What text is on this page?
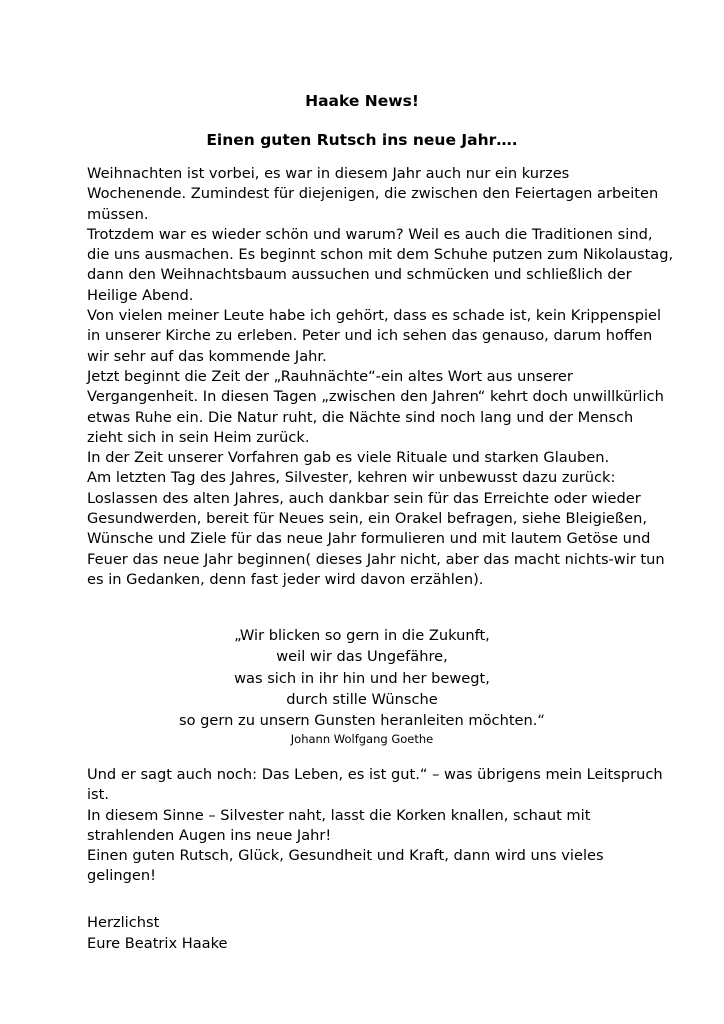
Haake News!
Einen guten Rutsch ins neue Jahr….
Weihnachten ist vorbei, es war in diesem Jahr auch nur ein kurzes
Wochenende. Zumindest für diejenigen, die zwischen den Feiertagen arbeiten
müssen.
Trotzdem war es wieder schön und warum? Weil es auch die Traditionen sind,
die uns ausmachen. Es beginnt schon mit dem Schuhe putzen zum Nikolaustag,
dann den Weihnachtsbaum aussuchen und schmücken und schließlich der
Heilige Abend.
Von vielen meiner Leute habe ich gehört, dass es schade ist, kein Krippenspiel
in unserer Kirche zu erleben. Peter und ich sehen das genauso, darum hoffen
wir sehr auf das kommende Jahr.
Jetzt beginnt die Zeit der „Rauhnächte“-ein altes Wort aus unserer
Vergangenheit. In diesen Tagen „zwischen den Jahren“ kehrt doch unwillkürlich
etwas Ruhe ein. Die Natur ruht, die Nächte sind noch lang und der Mensch
zieht sich in sein Heim zurück.
In der Zeit unserer Vorfahren gab es viele Rituale und starken Glauben.
Am letzten Tag des Jahres, Silvester, kehren wir unbewusst dazu zurück:
Loslassen des alten Jahres, auch dankbar sein für das Erreichte oder wieder
Gesundwerden, bereit für Neues sein, ein Orakel befragen, siehe Bleigießen,
Wünsche und Ziele für das neue Jahr formulieren und mit lautem Getöse und
Feuer das neue Jahr beginnen( dieses Jahr nicht, aber das macht nichts-wir tun
es in Gedanken, denn fast jeder wird davon erzählen).
„Wir blicken so gern in die Zukunft,
weil wir das Ungefähre,
was sich in ihr hin und her bewegt,
durch stille Wünsche
so gern zu unsern Gunsten heranleiten möchten.“
Johann Wolfgang Goethe
Und er sagt auch noch: Das Leben, es ist gut.“ – was übrigens mein Leitspruch
ist.
In diesem Sinne – Silvester naht, lasst die Korken knallen, schaut mit
strahlenden Augen ins neue Jahr!
Einen guten Rutsch, Glück, Gesundheit und Kraft, dann wird uns vieles
gelingen!
Herzlichst
Eure Beatrix Haake
